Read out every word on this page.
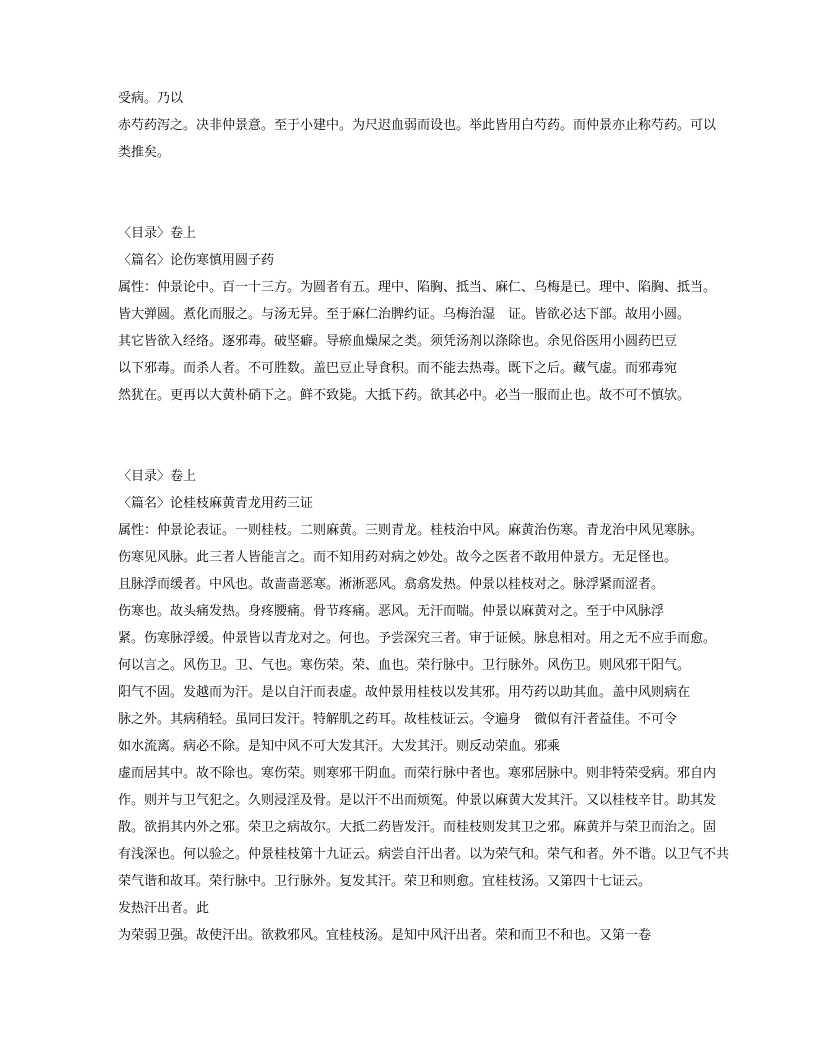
受病。乃以
赤芍药泻之。决非仲景意。至于小建中。为尺迟血弱而设也。举此皆用白芍药。而仲景亦止称芍药。可以
类推矣。
〈目录〉卷上
〈篇名〉论伤寒慎用圆子药
属性：仲景论中。百一十三方。为圆者有五。理中、陷胸、抵当、麻仁、乌梅是已。理中、陷胸、抵当。
皆大弹圆。煮化而服之。与汤无异。至于麻仁治脾约证。乌梅治湿　证。皆欲必达下部。故用小圆。
其它皆欲入经络。逐邪毒。破坚癖。导瘀血燥屎之类。须凭汤剂以涤除也。余见俗医用小圆药巴豆
以下邪毒。而杀人者。不可胜数。盖巴豆止导食积。而不能去热毒。既下之后。藏气虚。而邪毒宛
然犹在。更再以大黄朴硝下之。鲜不致毙。大抵下药。欲其必中。必当一服而止也。故不可不慎欤。
〈目录〉卷上
〈篇名〉论桂枝麻黄青龙用药三证
属性：仲景论表证。一则桂枝。二则麻黄。三则青龙。桂枝治中风。麻黄治伤寒。青龙治中风见寒脉。
伤寒见风脉。此三者人皆能言之。而不知用药对病之妙处。故今之医者不敢用仲景方。无足怪也。
且脉浮而缓者。中风也。故啬啬恶寒。淅淅恶风。翕翕发热。仲景以桂枝对之。脉浮紧而涩者。
伤寒也。故头痛发热。身疼腰痛。骨节疼痛。恶风。无汗而喘。仲景以麻黄对之。至于中风脉浮
紧。伤寒脉浮缓。仲景皆以青龙对之。何也。予尝深究三者。审于证候。脉息相对。用之无不应手而愈。
何以言之。风伤卫。卫、气也。寒伤荣。荣、血也。荣行脉中。卫行脉外。风伤卫。则风邪干阳气。
阳气不固。发越而为汗。是以自汗而表虚。故仲景用桂枝以发其邪。用芍药以助其血。盖中风则病在
脉之外。其病稍轻。虽同曰发汗。特解肌之药耳。故桂枝证云。令遍身　微似有汗者益佳。不可令
如水流离。病必不除。是知中风不可大发其汗。大发其汗。则反动荣血。邪乘
虚而居其中。故不除也。寒伤荣。则寒邪干阴血。而荣行脉中者也。寒邪居脉中。则非特荣受病。邪自内
作。则并与卫气犯之。久则浸淫及骨。是以汗不出而烦冤。仲景以麻黄大发其汗。又以桂枝辛甘。助其发
散。欲捐其内外之邪。荣卫之病故尔。大抵二药皆发汗。而桂枝则发其卫之邪。麻黄并与荣卫而治之。固
有浅深也。何以验之。仲景桂枝第十九证云。病尝自汗出者。以为荣气和。荣气和者。外不谐。以卫气不共
荣气谐和故耳。荣行脉中。卫行脉外。复发其汗。荣卫和则愈。宜桂枝汤。又第四十七证云。
发热汗出者。此
为荣弱卫强。故使汗出。欲救邪风。宜桂枝汤。是知中风汗出者。荣和而卫不和也。又第一卷
